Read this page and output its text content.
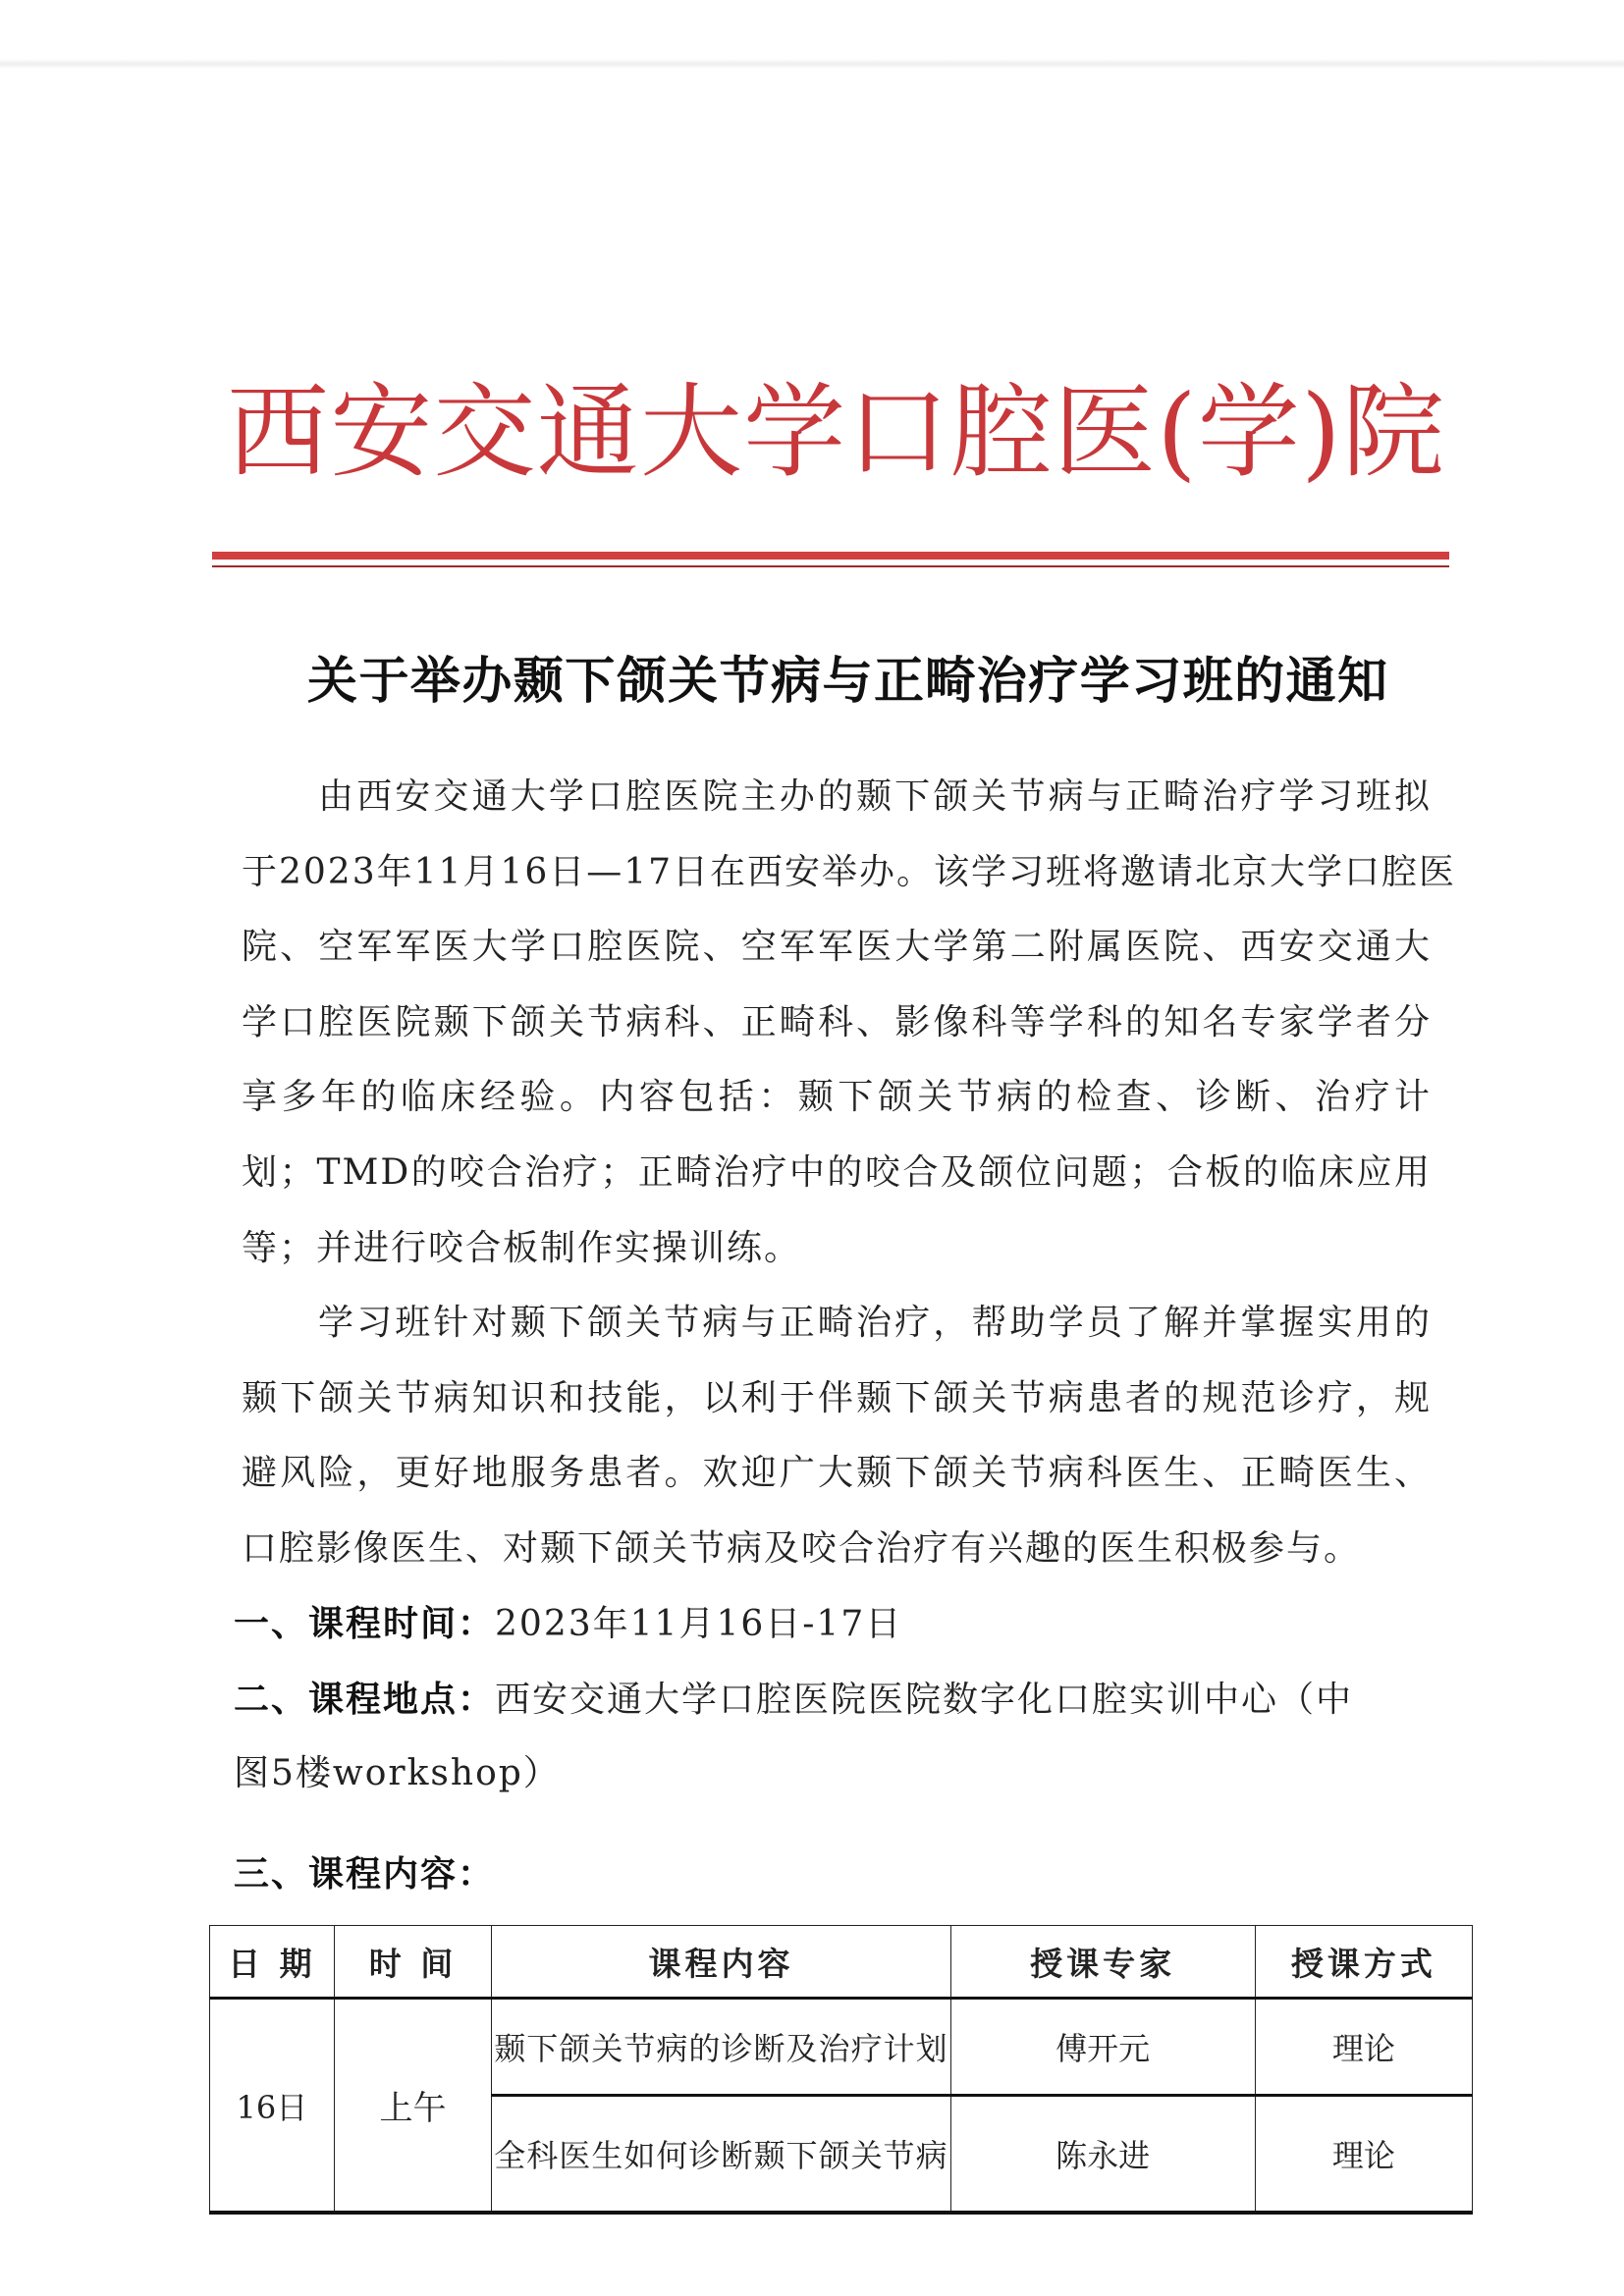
西 安 交 通 大 学 口 腔 医 ( 学 ) 院
关于举办颞下颌关节病与正畸治疗学习班的通知
由西安交通大学口腔医院主办的颞下颌关节病与正畸治疗学习班拟
于2023年11月16日—17日在西安举办。该学习班将邀请北京大学口腔医
院、空军军医大学口腔医院、空军军医大学第二附属医院、西安交通大
学口腔医院颞下颌关节病科、正畸科、影像科等学科的知名专家学者分
享多年的临床经验。内容包括：颞下颌关节病的检查、诊断、治疗计
划；TMD的咬合治疗；正畸治疗中的咬合及颌位问题；合板的临床应用
等；并进行咬合板制作实操训练。
学习班针对颞下颌关节病与正畸治疗，帮助学员了解并掌握实用的
颞下颌关节病知识和技能，以利于伴颞下颌关节病患者的规范诊疗，规
避风险，更好地服务患者。欢迎广大颞下颌关节病科医生、正畸医生、
口腔影像医生、对颞下颌关节病及咬合治疗有兴趣的医生积极参与。
一、课程时间：2023年11月16日-17日
二、课程地点：西安交通大学口腔医院医院数字化口腔实训中心（中
图5楼workshop）
三、课程内容：
日 期	时 间	课程内容	授课专家	授课方式
16日	上午	颞下颌关节病的诊断及治疗计划	傅开元	理论
		全科医生如何诊断颞下颌关节病	陈永进	理论
